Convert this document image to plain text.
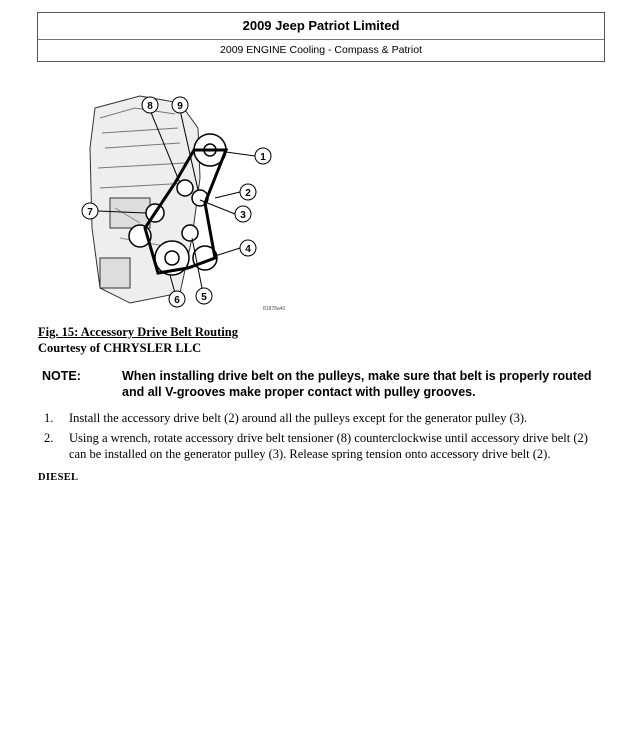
2009 Jeep Patriot Limited
2009 ENGINE Cooling - Compass & Patriot
8 9
1
2
3
4
5
6
7
81878a40
Fig. 15: Accessory Drive Belt Routing
Courtesy of CHRYSLER LLC
NOTE:	When installing drive belt on the pulleys, make sure that belt is properly routed and all V-grooves make proper contact with pulley grooves.
1. Install the accessory drive belt (2) around all the pulleys except for the generator pulley (3).
2. Using a wrench, rotate accessory drive belt tensioner (8) counterclockwise until accessory drive belt (2) can be installed on the generator pulley (3). Release spring tension onto accessory drive belt (2).
DIESEL
